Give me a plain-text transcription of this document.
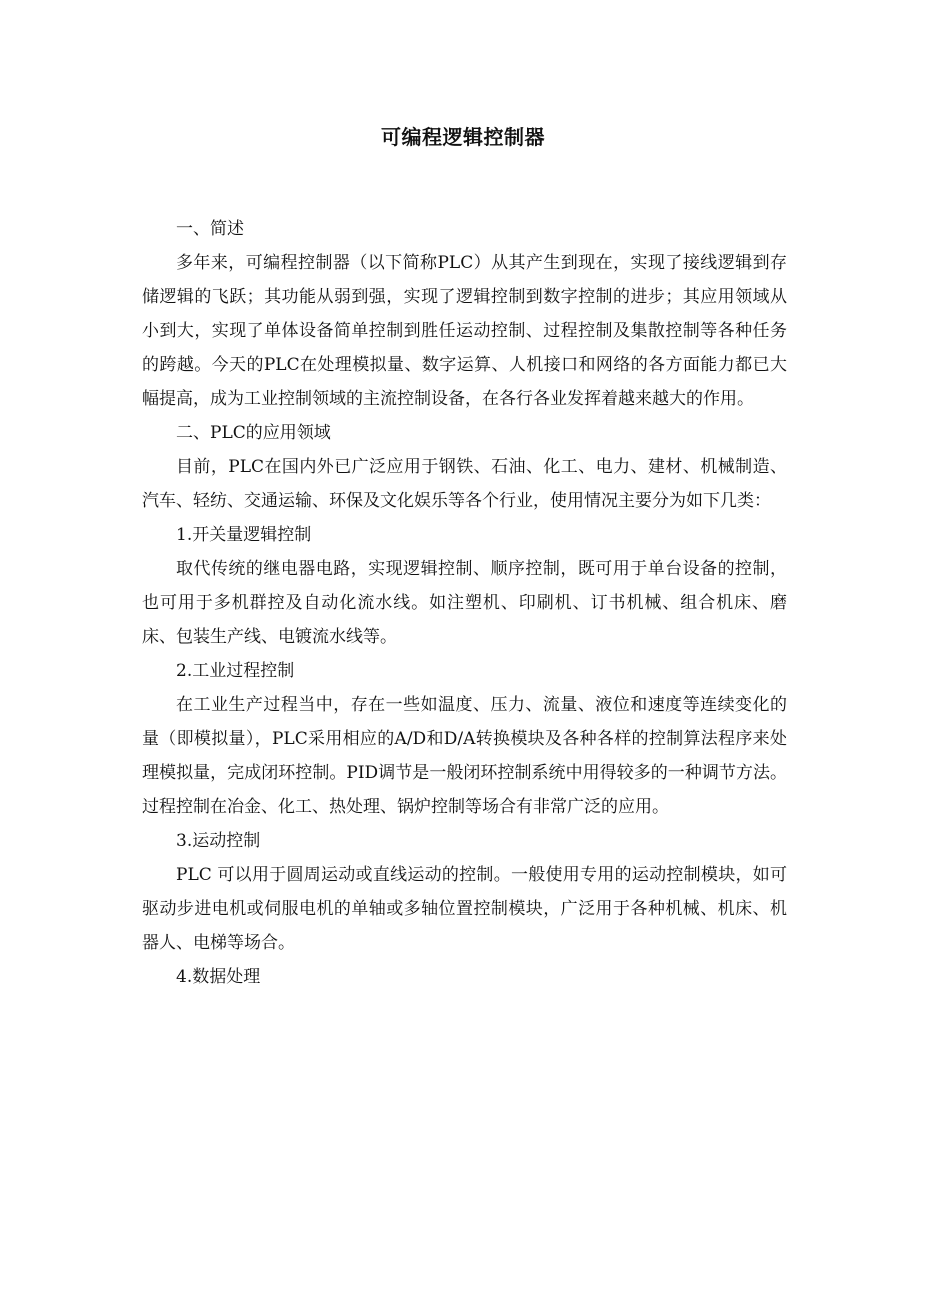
可编程逻辑控制器

一、简述

多年来，可编程控制器（以下简称PLC）从其产生到现在，实现了接线逻辑到存储逻辑的飞跃；其功能从弱到强，实现了逻辑控制到数字控制的进步；其应用领域从小到大，实现了单体设备简单控制到胜任运动控制、过程控制及集散控制等各种任务的跨越。今天的PLC在处理模拟量、数字运算、人机接口和网络的各方面能力都已大幅提高，成为工业控制领域的主流控制设备，在各行各业发挥着越来越大的作用。

二、PLC的应用领域

目前，PLC在国内外已广泛应用于钢铁、石油、化工、电力、建材、机械制造、汽车、轻纺、交通运输、环保及文化娱乐等各个行业，使用情况主要分为如下几类：

1.开关量逻辑控制

取代传统的继电器电路，实现逻辑控制、顺序控制，既可用于单台设备的控制，也可用于多机群控及自动化流水线。如注塑机、印刷机、订书机械、组合机床、磨床、包装生产线、电镀流水线等。

2.工业过程控制

在工业生产过程当中，存在一些如温度、压力、流量、液位和速度等连续变化的量（即模拟量），PLC采用相应的A/D和D/A转换模块及各种各样的控制算法程序来处理模拟量，完成闭环控制。PID调节是一般闭环控制系统中用得较多的一种调节方法。过程控制在冶金、化工、热处理、锅炉控制等场合有非常广泛的应用。

3.运动控制

PLC 可以用于圆周运动或直线运动的控制。一般使用专用的运动控制模块，如可驱动步进电机或伺服电机的单轴或多轴位置控制模块，广泛用于各种机械、机床、机器人、电梯等场合。

4.数据处理
